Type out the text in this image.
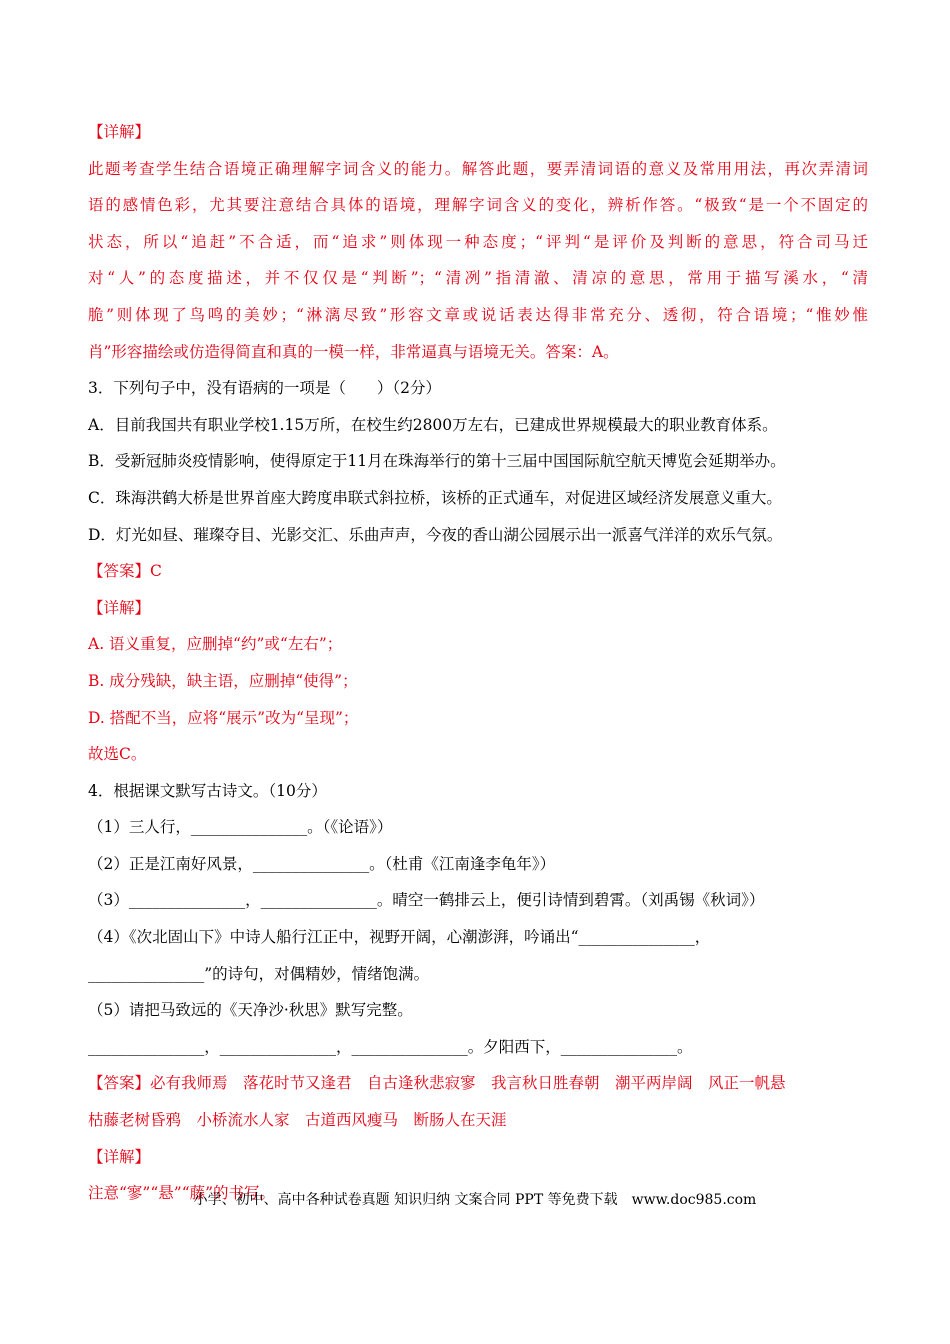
【详解】

此题考查学生结合语境正确理解字词含义的能力。解答此题，要弄清词语的意义及常用用法，再次弄清词

语的感情色彩，尤其要注意结合具体的语境，理解字词含义的变化，辨析作答。“极致“是一个不固定的

状态，所以“追赶”不合适，而“追求”则体现一种态度；“评判“是评价及判断的意思，符合司马迁

对“人”的态度描述，并不仅仅是“判断”；“清冽”指清澈、清凉的意思，常用于描写溪水，“清

脆”则体现了鸟鸣的美妙；“淋漓尽致”形容文章或说话表达得非常充分、透彻，符合语境；“惟妙惟

肖”形容描绘或仿造得简直和真的一模一样，非常逼真与语境无关。答案：A。

3．下列句子中，没有语病的一项是（　　）（2分）

A．目前我国共有职业学校1.15万所，在校生约2800万左右，已建成世界规模最大的职业教育体系。

B．受新冠肺炎疫情影响，使得原定于11月在珠海举行的第十三届中国国际航空航天博览会延期举办。

C．珠海洪鹤大桥是世界首座大跨度串联式斜拉桥，该桥的正式通车，对促进区域经济发展意义重大。

D．灯光如昼、璀璨夺目、光影交汇、乐曲声声，今夜的香山湖公园展示出一派喜气洋洋的欢乐气氛。

【答案】C

【详解】

A. 语义重复，应删掉“约”或“左右”；

B. 成分残缺，缺主语，应删掉“使得”；

D. 搭配不当，应将“展示”改为“呈现”；

故选C。

4．根据课文默写古诗文。（10分）

（1）三人行，_______________。（《论语》）

（2）正是江南好风景，_______________。（杜甫《江南逢李龟年》）

（3）_______________，_______________。晴空一鹤排云上，便引诗情到碧霄。（刘禹锡《秋词》）

（4）《次北固山下》中诗人船行江正中，视野开阔，心潮澎湃，吟诵出“_______________，

_______________”的诗句，对偶精妙，情绪饱满。

（5）请把马致远的《天净沙·秋思》默写完整。

_______________，_______________，_______________。夕阳西下，_______________。

【答案】必有我师焉　落花时节又逢君　自古逢秋悲寂寥　我言秋日胜春朝　潮平两岸阔　风正一帆悬

枯藤老树昏鸦　小桥流水人家　古道西风瘦马　断肠人在天涯

【详解】

注意“寥”“悬”“藤”的书写。

小学、初中、高中各种试卷真题 知识归纳 文案合同 PPT 等免费下载　www.doc985.com
